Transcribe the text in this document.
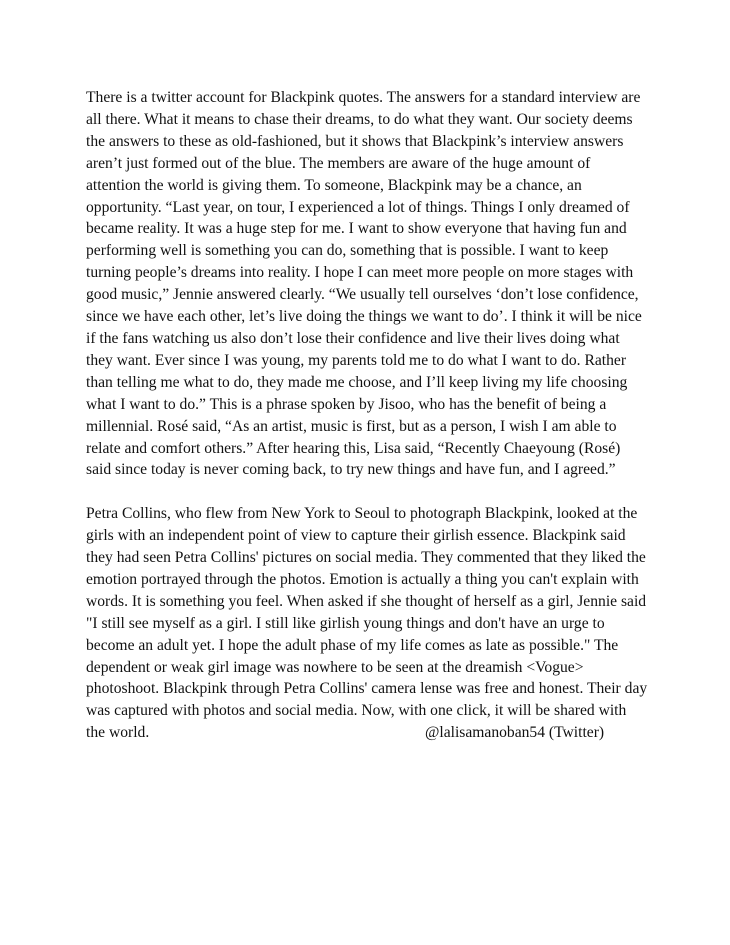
There is a twitter account for Blackpink quotes. The answers for a standard interview are
all there. What it means to chase their dreams, to do what they want. Our society deems
the answers to these as old-fashioned, but it shows that Blackpink’s interview answers
aren’t just formed out of the blue. The members are aware of the huge amount of
attention the world is giving them. To someone, Blackpink may be a chance, an
opportunity. “Last year, on tour, I experienced a lot of things. Things I only dreamed of
became reality. It was a huge step for me. I want to show everyone that having fun and
performing well is something you can do, something that is possible. I want to keep
turning people’s dreams into reality. I hope I can meet more people on more stages with
good music,” Jennie answered clearly. “We usually tell ourselves ‘don’t lose confidence,
since we have each other, let’s live doing the things we want to do’. I think it will be nice
if the fans watching us also don’t lose their confidence and live their lives doing what
they want. Ever since I was young, my parents told me to do what I want to do. Rather
than telling me what to do, they made me choose, and I’ll keep living my life choosing
what I want to do.” This is a phrase spoken by Jisoo, who has the benefit of being a
millennial. Rosé said, “As an artist, music is first, but as a person, I wish I am able to
relate and comfort others.” After hearing this, Lisa said, “Recently Chaeyoung (Rosé)
said since today is never coming back, to try new things and have fun, and I agreed.”
Petra Collins, who flew from New York to Seoul to photograph Blackpink, looked at the
girls with an independent point of view to capture their girlish essence. Blackpink said
they had seen Petra Collins' pictures on social media. They commented that they liked the
emotion portrayed through the photos. Emotion is actually a thing you can't explain with
words. It is something you feel. When asked if she thought of herself as a girl, Jennie said
"I still see myself as a girl. I still like girlish young things and don't have an urge to
become an adult yet. I hope the adult phase of my life comes as late as possible." The
dependent or weak girl image was nowhere to be seen at the dreamish <Vogue>
photoshoot. Blackpink through Petra Collins' camera lense was free and honest. Their day
was captured with photos and social media. Now, with one click, it will be shared with
the world.	@lalisamanoban54 (Twitter)
